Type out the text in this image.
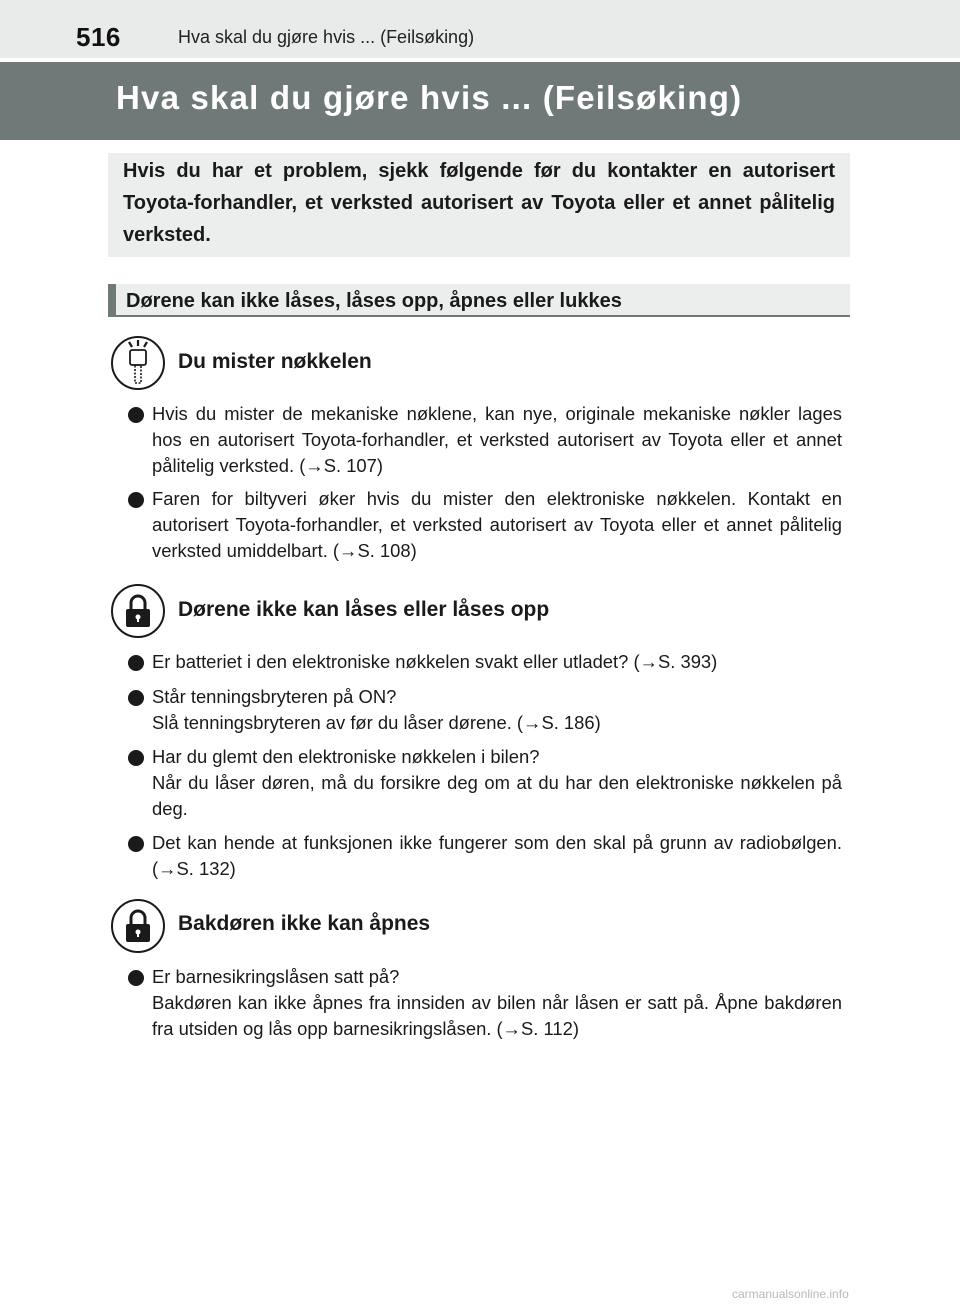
516	Hva skal du gjøre hvis ... (Feilsøking)
Hva skal du gjøre hvis ... (Feilsøking)
Hvis du har et problem, sjekk følgende før du kontakter en autorisert Toyota-forhandler, et verksted autorisert av Toyota eller et annet pålitelig verksted.
Dørene kan ikke låses, låses opp, åpnes eller lukkes
Du mister nøkkelen
Hvis du mister de mekaniske nøklene, kan nye, originale mekaniske nøkler lages hos en autorisert Toyota-forhandler, et verksted autorisert av Toyota eller et annet pålitelig verksted. (→S. 107)
Faren for biltyveri øker hvis du mister den elektroniske nøkkelen. Kontakt en autorisert Toyota-forhandler, et verksted autorisert av Toyota eller et annet pålitelig verksted umiddelbart. (→S. 108)
Dørene ikke kan låses eller låses opp
Er batteriet i den elektroniske nøkkelen svakt eller utladet? (→S. 393)
Står tenningsbryteren på ON?
Slå tenningsbryteren av før du låser dørene. (→S. 186)
Har du glemt den elektroniske nøkkelen i bilen?
Når du låser døren, må du forsikre deg om at du har den elektroniske nøkkelen på deg.
Det kan hende at funksjonen ikke fungerer som den skal på grunn av radiobølgen. (→S. 132)
Bakdøren ikke kan åpnes
Er barnesikringslåsen satt på?
Bakdøren kan ikke åpnes fra innsiden av bilen når låsen er satt på. Åpne bakdøren fra utsiden og lås opp barnesikringslåsen. (→S. 112)
carmanualsonline.info
